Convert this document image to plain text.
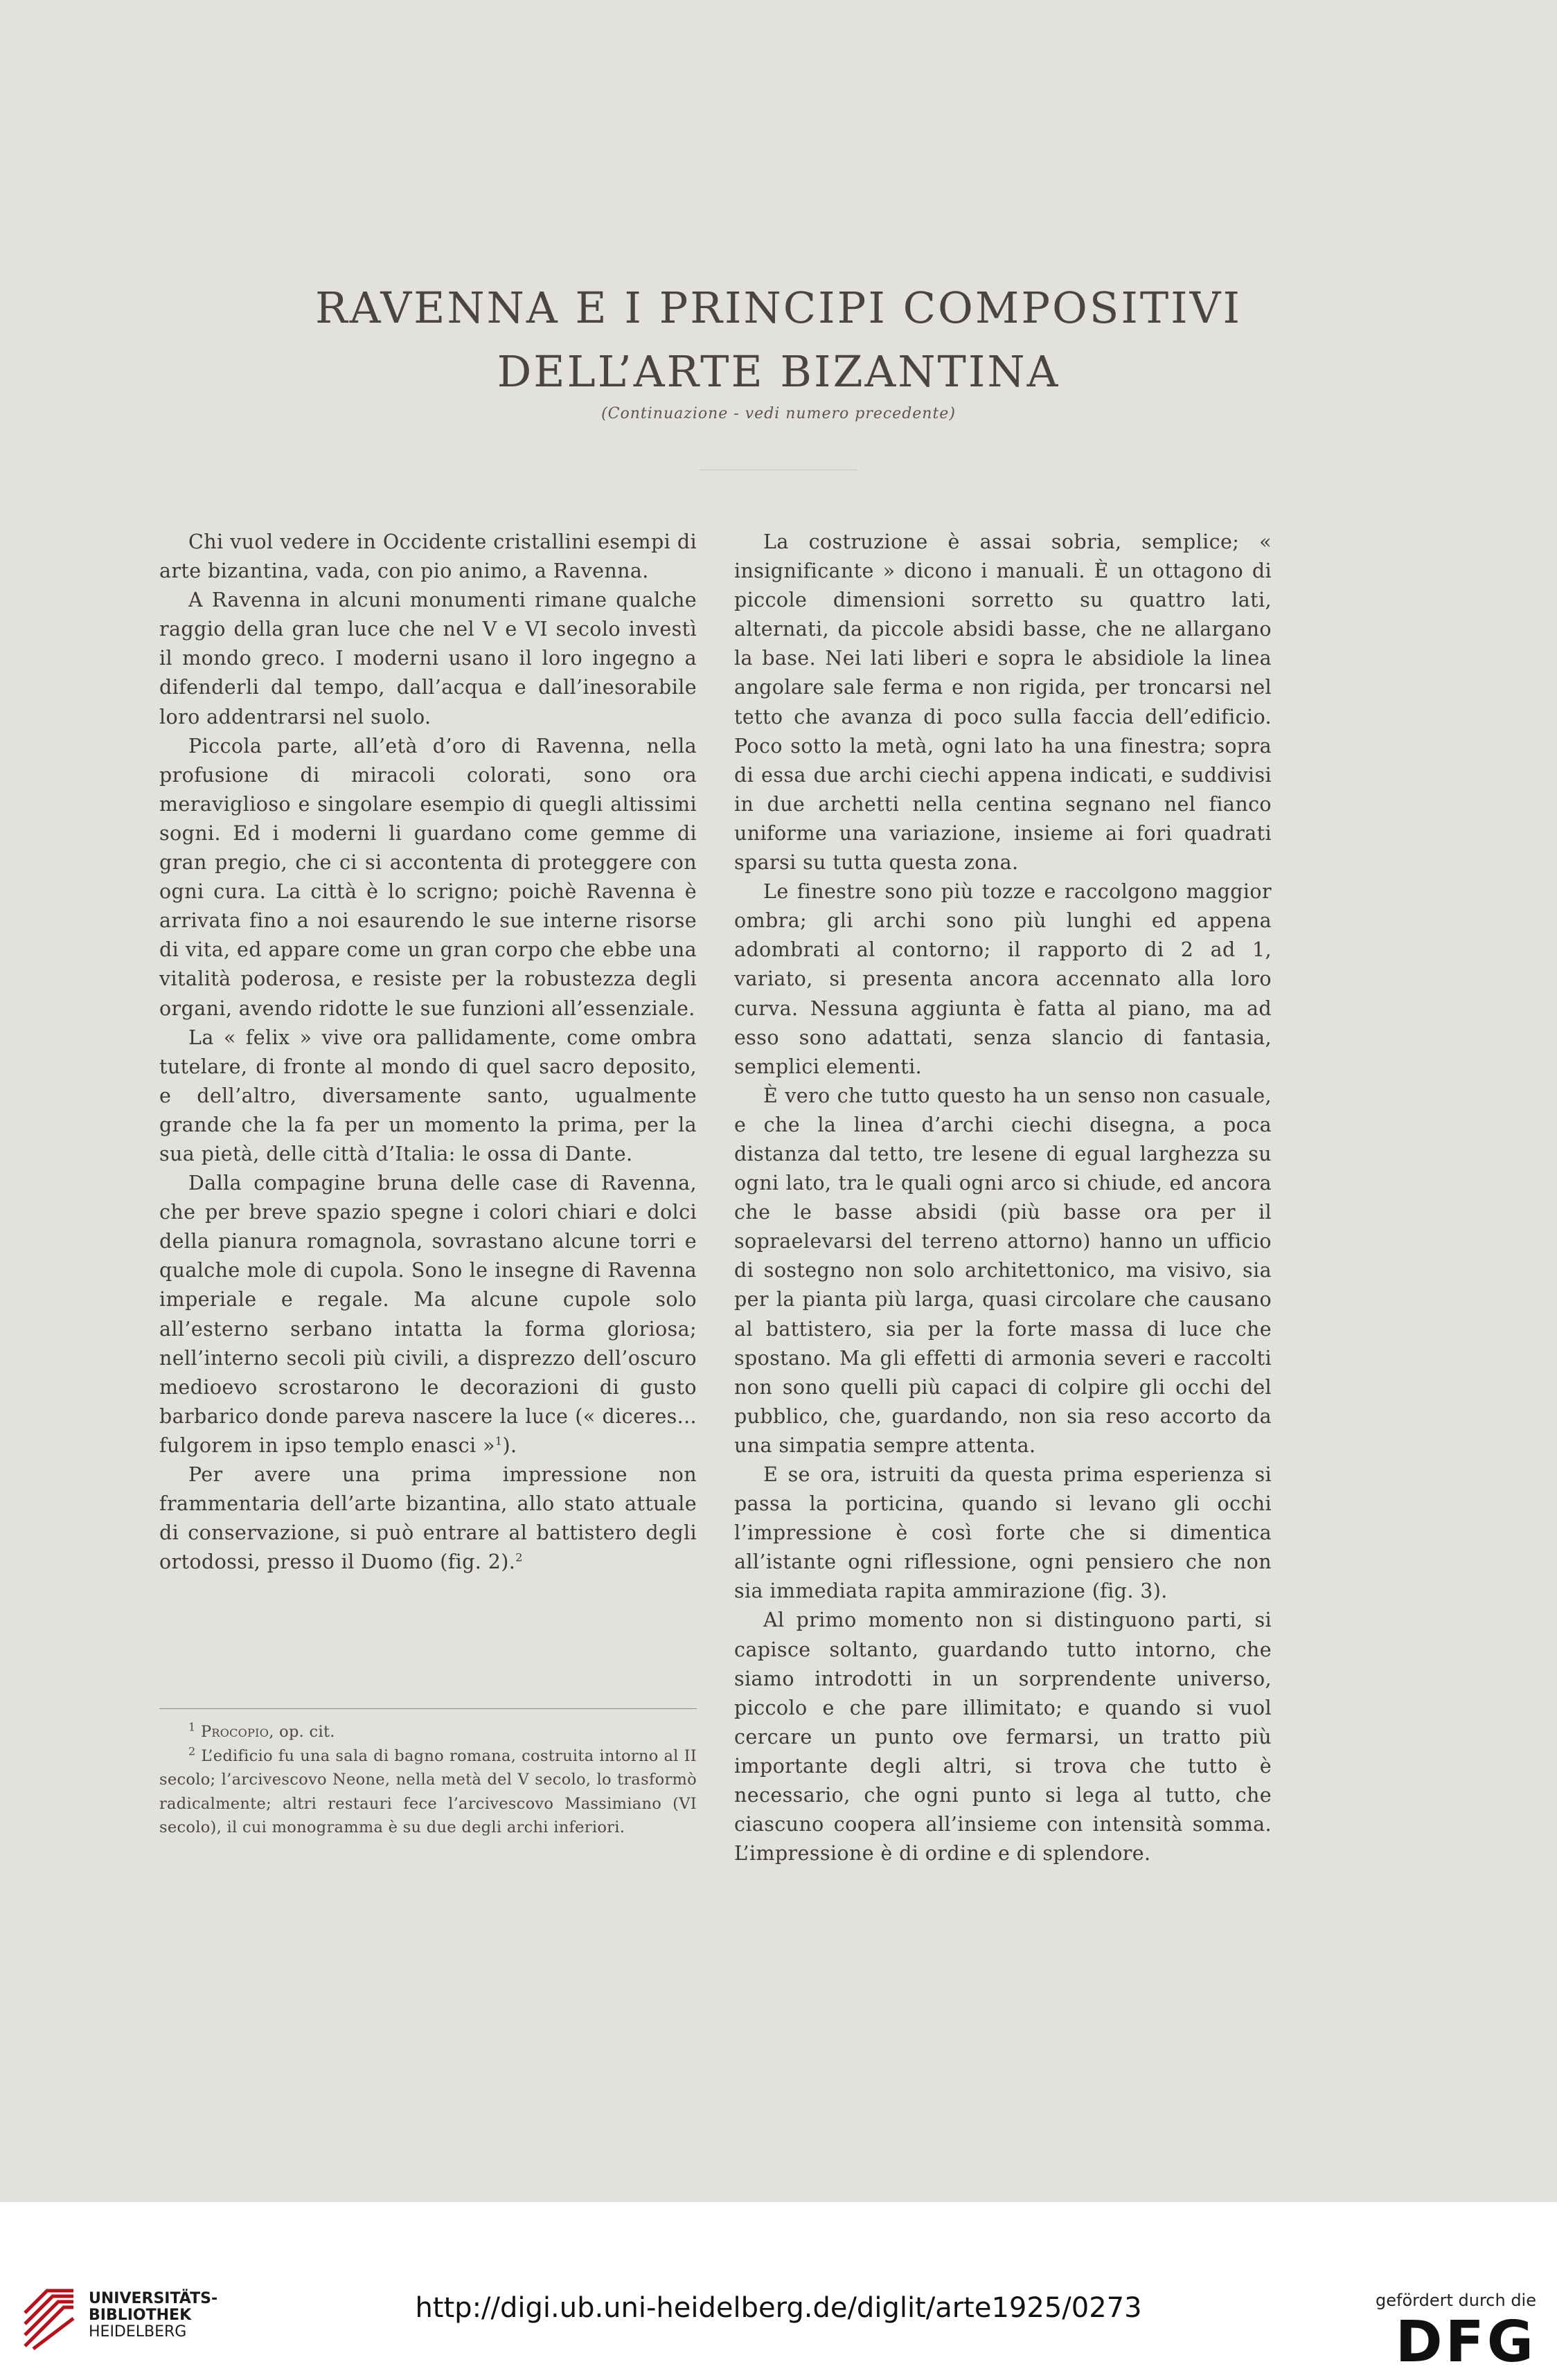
RAVENNA E I PRINCIPI COMPOSITIVI
DELL’ARTE BIZANTINA
(Continuazione - vedi numero precedente)

Chi vuol vedere in Occidente cristallini esempi di arte bizantina, vada, con pio animo, a Ravenna.

A Ravenna in alcuni monumenti rimane qualche raggio della gran luce che nel V e VI secolo investì il mondo greco. I moderni usano il loro ingegno a difenderli dal tempo, dall’acqua e dall’inesorabile loro addentrarsi nel suolo.

Piccola parte, all’età d’oro di Ravenna, nella profusione di miracoli colorati, sono ora meraviglioso e singolare esempio di quegli altissimi sogni. Ed i moderni li guardano come gemme di gran pregio, che ci si accontenta di proteggere con ogni cura. La città è lo scrigno; poichè Ravenna è arrivata fino a noi esaurendo le sue interne risorse di vita, ed appare come un gran corpo che ebbe una vitalità poderosa, e resiste per la robustezza degli organi, avendo ridotte le sue funzioni all’essenziale.

La « felix » vive ora pallidamente, come ombra tutelare, di fronte al mondo di quel sacro deposito, e dell’altro, diversamente santo, ugualmente grande che la fa per un momento la prima, per la sua pietà, delle città d’Italia: le ossa di Dante.

Dalla compagine bruna delle case di Ravenna, che per breve spazio spegne i colori chiari e dolci della pianura romagnola, sovrastano alcune torri e qualche mole di cupola. Sono le insegne di Ravenna imperiale e regale. Ma alcune cupole solo all’esterno serbano intatta la forma gloriosa; nell’interno secoli più civili, a disprezzo dell’oscuro medioevo scrostarono le decorazioni di gusto barbarico donde pareva nascere la luce (« diceres... fulgorem in ipso templo enasci »$^1$).

Per avere una prima impressione non frammentaria dell’arte bizantina, allo stato attuale di conservazione, si può entrare al battistero degli ortodossi, presso il Duomo (fig. 2).$^2$

$^1$ Procopio, op. cit.

$^2$ L’edificio fu una sala di bagno romana, costruita intorno al II secolo; l’arcivescovo Neone, nella metà del V secolo, lo trasformò radicalmente; altri restauri fece l’arcivescovo Massimiano (VI secolo), il cui monogramma è su due degli archi inferiori.

La costruzione è assai sobria, semplice; « insignificante » dicono i manuali. È un ottagono di piccole dimensioni sorretto su quattro lati, alternati, da piccole absidi basse, che ne allargano la base. Nei lati liberi e sopra le absidiole la linea angolare sale ferma e non rigida, per troncarsi nel tetto che avanza di poco sulla faccia dell’edificio. Poco sotto la metà, ogni lato ha una finestra; sopra di essa due archi ciechi appena indicati, e suddivisi in due archetti nella centina segnano nel fianco uniforme una variazione, insieme ai fori quadrati sparsi su tutta questa zona.

Le finestre sono più tozze e raccolgono maggior ombra; gli archi sono più lunghi ed appena adombrati al contorno; il rapporto di 2 ad 1, variato, si presenta ancora accennato alla loro curva. Nessuna aggiunta è fatta al piano, ma ad esso sono adattati, senza slancio di fantasia, semplici elementi.

È vero che tutto questo ha un senso non casuale, e che la linea d’archi ciechi disegna, a poca distanza dal tetto, tre lesene di egual larghezza su ogni lato, tra le quali ogni arco si chiude, ed ancora che le basse absidi (più basse ora per il sopraelevarsi del terreno attorno) hanno un ufficio di sostegno non solo architettonico, ma visivo, sia per la pianta più larga, quasi circolare che causano al battistero, sia per la forte massa di luce che spostano. Ma gli effetti di armonia severi e raccolti non sono quelli più capaci di colpire gli occhi del pubblico, che, guardando, non sia reso accorto da una simpatia sempre attenta.

E se ora, istruiti da questa prima esperienza si passa la porticina, quando si levano gli occhi l’impressione è così forte che si dimentica all’istante ogni riflessione, ogni pensiero che non sia immediata rapita ammirazione (fig. 3).

Al primo momento non si distinguono parti, si capisce soltanto, guardando tutto intorno, che siamo introdotti in un sorprendente universo, piccolo e che pare illimitato; e quando si vuol cercare un punto ove fermarsi, un tratto più importante degli altri, si trova che tutto è necessario, che ogni punto si lega al tutto, che ciascuno coopera all’insieme con intensità somma. L’impressione è di ordine e di splendore.

UNIVERSITÄTS-
BIBLIOTHEK
HEIDELBERG
http://digi.ub.uni-heidelberg.de/diglit/arte1925/0273	gefördert durch die
DFG
